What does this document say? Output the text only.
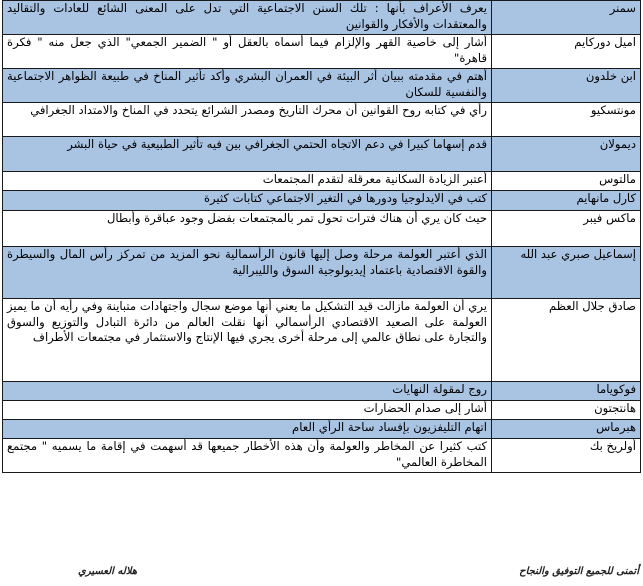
سمنر	يعرف الأعراف بأنها : تلك السنن الاجتماعية التي تدل على المعنى الشائع للعادات والتقاليد والمعتقدات والأفكار والقوانين
اميل دوركايم	أشار إلى خاصية القهر والإلزام فيما أسماه بالعقل أو " الضمير الجمعي" الذي جعل منه " فكرة قاهرة"
ابن خلدون	أهتم في مقدمته ببيان أثر البيئة في العمران البشري وأكد تأثير المناخ في طبيعة الظواهر الاجتماعية والنفسية للسكان
مونتسكيو	رأي في كتابه روح القوانين أن محرك التاريخ ومصدر الشرائع يتحدد في المناخ والامتداد الجغرافي
ديمولان	قدم إسهاما كبيرا في دعم الاتجاه الحتمي الجغرافي بين فيه تأثير الطبيعية في حياة البشر
مالتوس	أعتبر الزيادة السكانية معرقلة لتقدم المجتمعات
كارل مانهايم	كتب في الايدلوجيا ودورها في التغير الاجتماعي كتابات كثيرة
ماكس فيبر	حيث كان يري أن هناك فترات تحول تمر بالمجتمعات بفضل وجود عباقرة وأبطال
إسماعيل صبري عبد الله	الذي أعتبر العولمة مرحلة وصل إليها قانون الرأسمالية نحو المزيد من تمركز رأس المال والسيطرة والقوة الاقتصادية باعتماد إيديولوجية السوق والليبرالية
صادق جلال العظم	يري أن العولمة مازالت قيد التشكيل ما يعني أنها موضع سجال واجتهادات متباينة وفي رأيه أن ما يميز العولمة على الصعيد الاقتصادي الرأسمالي أنها نقلت العالم من دائرة التبادل والتوزيع والسوق والتجارة على نطاق عالمي إلى مرحلة أخرى يجري فيها الإنتاج والاستثمار في مجتمعات الأطراف
فوكوياما	روج لمقولة النهايات
هانتجتون	أشار إلى صدام الحضارات
هبرماس	اتهام التليفزيون بإفساد ساحة الرأي العام
أولريخ بك	كتب كثيرا عن المخاطر والعولمة وأن هذه الأخطار جميعها قد أسهمت في إقامة ما يسميه " مجتمع المخاطرة العالمي"
أتمنى للجميع التوفيق والنجاح
هلاله العسيري
